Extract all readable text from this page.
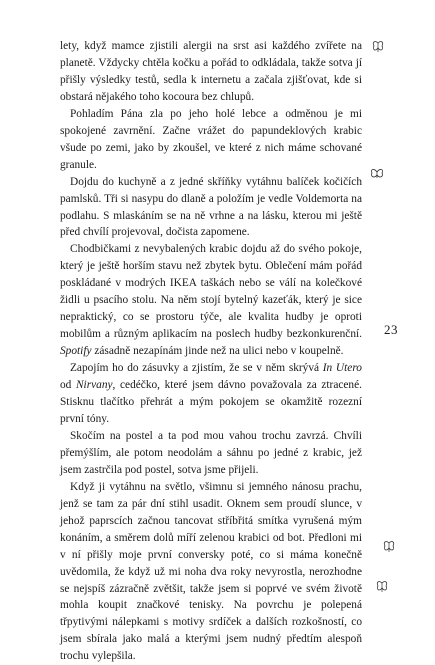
lety, když mamce zjistili alergii na srst asi každého zvířete na planetě. Vždycky chtěla kočku a pořád to odkládala, takže sotva jí přišly výsledky testů, sedla k internetu a začala zjišťovat, kde si obstará nějakého toho kocoura bez chlupů.

Pohladím Pána zla po jeho holé lebce a odměnou je mi spokojené zavrnění. Začne vrážet do papundeklových krabic všude po zemi, jako by zkoušel, ve které z nich máme schované granule.

Dojdu do kuchyně a z jedné skříňky vytáhnu balíček kočičích pamlsků. Tři si nasypu do dlaně a položím je vedle Voldemorta na podlahu. S mlaskáním se na ně vrhne a na lásku, kterou mi ještě před chvílí projevoval, dočista zapomene.

Chodbičkami z nevybalených krabic dojdu až do svého pokoje, který je ještě horším stavu než zbytek bytu. Oblečení mám pořád poskládané v modrých IKEA taškách nebo se válí na kolečkové židli u psacího stolu. Na něm stojí bytelný kazeťák, který je sice nepraktický, co se prostoru týče, ale kvalita hudby je oproti mobilům a různým aplikacím na poslech hudby bezkonkurenční. Spotify zásadně nezapínám jinde než na ulici nebo v koupelně.

Zapojím ho do zásuvky a zjistím, že se v něm skrývá In Utero od Nirvany, cedéčko, které jsem dávno považovala za ztracené. Stisknu tlačítko přehrát a mým pokojem se okamžitě rozezní první tóny.

Skočím na postel a ta pod mou vahou trochu zavrzá. Chvíli přemýšlím, ale potom neodolám a sáhnu po jedné z krabic, jež jsem zastrčila pod postel, sotva jsme přijeli.

Když ji vytáhnu na světlo, všimnu si jemného nánosu prachu, jenž se tam za pár dní stihl usadit. Oknem sem proudí slunce, v jehož paprscích začnou tancovat stříbřitá smítka vyrušená mým konáním, a směrem dolů míří zelenou krabici od bot. Předloni mi v ní přišly moje první conversky poté, co si máma konečně uvědomila, že když už mi noha dva roky nevyrostla, nerozhodne se nejspíš zázračně zvětšit, takže jsem si poprvé ve svém životě mohla koupit značkové tenisky. Na povrchu je polepená třpytivými nálepkami s motivy srdíček a dalších rozkošností, co jsem sbírala jako malá a kterými jsem nudný předtím alespoň trochu vylepšila.

23
